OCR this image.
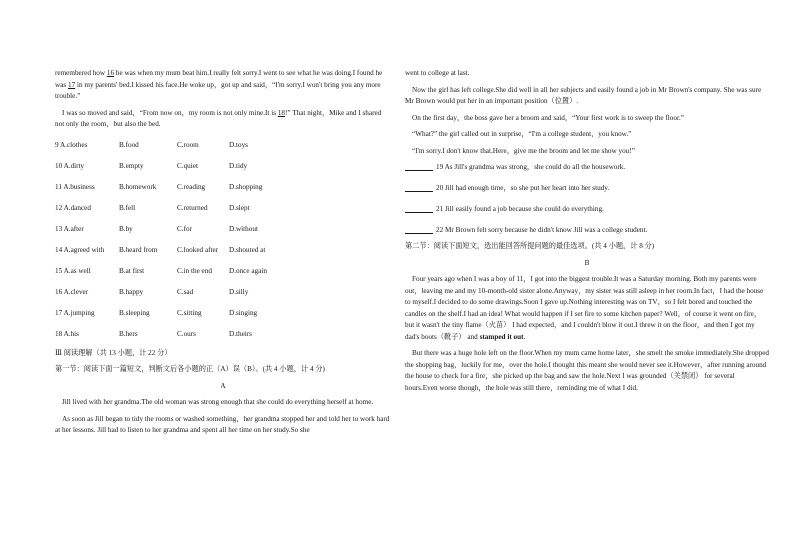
remembered how 16 he was when my mum beat him.I really felt sorry.I went to see what he was doing.I found he was 17 in my parents' bed.I kissed his face.He woke up，got up and said，“I'm sorry.I won't bring you any more trouble.”

I was so moved and said，“From now on，my room is not only mine.It is 18!” That night，Mike and I shared not only the room，but also the bed.

9 A.clothes	B.food	C.room	D.toys
10 A.dirty	B.empty	C.quiet	D.tidy
11 A.business	B.homework	C.reading	D.shopping
12 A.danced	B.fell	C.returned	D.slept
13 A.after	B.by	C.for	D.without
14 A.agreed with	B.heard from	C.looked after	D.shouted at
15 A.as well	B.at first	C.in the end	D.once again
16 A.clever	B.happy	C.sad	D.silly
17 A.jumping	B.sleeping	C.sitting	D.singing
18 A.his	B.hers	C.ours	D.theirs

Ⅲ 阅读理解（共 13 小题，计 22 分）

第一节：阅读下面一篇短文，判断文后各小题的正（A）误（B）。(共 4 小题，计 4 分)

A

Jill lived with her grandma.The old woman was strong enough that she could do everything herself at home.

As soon as Jill began to tidy the rooms or washed something，her grandma stopped her and told her to work hard at her lessons. Jill had to listen to her grandma and spent all her time on her study.So she

went to college at last.

Now the girl has left college.She did well in all her subjects and easily found a job in Mr Brown's company. She was sure Mr Brown would put her in an important position（位置）.

On the first day，the boss gave her a broom and said，“Your first work is to sweep the floor.”

“What?” the girl called out in surprise，“I'm a college student，you know.”

“I'm sorry.I don't know that.Here，give me the broom and let me show you!”

19 As Jill's grandma was strong，she could do all the housework.
20 Jill had enough time，so she put her heart into her study.
21 Jill easily found a job because she could do everything.
22 Mr Brown felt sorry because he didn't know Jill was a college student.

第二节：阅读下面短文，选出能回答所提问题的最佳选项。(共 4 小题，计 8 分)

B

Four years ago when I was a boy of 11，I got into the biggest trouble.It was a Saturday morning. Both my parents were out，leaving me and my 10-month-old sister alone.Anyway，my sister was still asleep in her room.In fact，I had the house to myself.I decided to do some drawings.Soon I gave up.Nothing interesting was on TV，so I felt bored and touched the candles on the shelf.I had an idea! What would happen if I set fire to some kitchen paper? Well，of course it went on fire，but it wasn't the tiny flame（火苗） I had expected，and I couldn't blow it out.I threw it on the floor，and then I got my dad's boots（靴子） and stamped it out.

But there was a huge hole left on the floor.When my mum came home later，she smelt the smoke immediately.She dropped the shopping bag，luckily for me，over the hole.I thought this meant she would never see it.However，after running around the house to check for a fire，she picked up the bag and saw the hole.Next I was grounded（关禁闭） for several hours.Even worse though，the hole was still there，reminding me of what I did.
